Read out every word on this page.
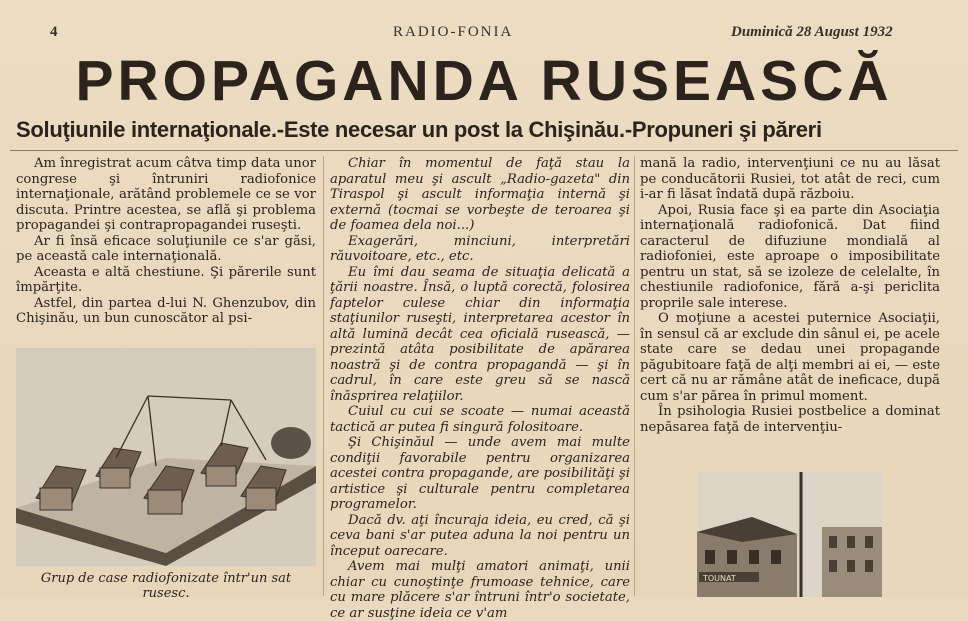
4	RADIO-FONIA	Duminică 28 August 1932
PROPAGANDA RUSEASCĂ
Soluţiunile internaţionale.-Este necesar un post la Chişinău.-Propuneri şi păreri

Am înregistrat acum câtva timp data unor congrese şi întruniri radiofonice internaţionale, arătând problemele ce se vor discuta. Printre acestea, se află şi problema propagandei şi contrapropagandei ruseşti.

Ar fi însă eficace soluţiunile ce s'ar găsi, pe această cale internaţională.

Aceasta e altă chestiune. Şi părerile sunt împărţite.

Astfel, din partea d-lui N. Ghenzubov, din Chişinău, un bun cunoscător al psi-

Grup de case radiofonizate într'un sat rusesc.

Chiar în momentul de faţă stau la aparatul meu şi ascult „Radio-gazeta" din Tiraspol şi ascult informaţia internă şi externă (tocmai se vorbeşte de teroarea şi de foamea dela noi...)

Exagerări, minciuni, interpretări răuvoitoare, etc., etc.

Eu îmi dau seama de situaţia delicată a ţării noastre. Însă, o luptă corectă, folosirea faptelor culese chiar din informaţia staţiunilor ruseşti, interpretarea acestor în altă lumină decât cea oficială rusească, — prezintă atâta posibilitate de apărarea noastră şi de contra propagandă — şi în cadrul, în care este greu să se nască înăsprirea relaţiilor.

Cuiul cu cui se scoate — numai această tactică ar putea fi singură folositoare.

Şi Chişinăul — unde avem mai multe condiţii favorabile pentru organizarea acestei contra propagande, are posibilităţi şi artistice şi culturale pentru completarea programelor.

Dacă dv. aţi încuraja ideia, eu cred, că şi ceva bani s'ar putea aduna la noi pentru un început oarecare.

Avem mai mulţi amatori animaţi, unii chiar cu cunoştinţe frumoase tehnice, care cu mare plăcere s'ar întruni într'o societate, ce ar susţine ideia ce v'am

mană la radio, intervenţiuni ce nu au lăsat pe conducătorii Rusiei, tot atât de reci, cum i-ar fi lăsat îndată după războiu.

Apoi, Rusia face şi ea parte din Asociaţia internaţională radiofonică. Dat fiind caracterul de difuziune mondială al radiofoniei, este aproape o imposibilitate pentru un stat, să se izoleze de celelalte, în chestiunile radiofonice, fără a-şi periclita proprile sale interese.

O moţiune a acestei puternice Asociaţii, în sensul că ar exclude din sânul ei, pe acele state care se dedau unei propagande păgubitoare faţă de alţi membri ai ei, — este cert că nu ar rămâne atât de ineficace, după cum s'ar părea în primul moment.

În psihologia Rusiei postbelice a dominat nepăsarea faţă de intervenţiu-

TOUNAT
